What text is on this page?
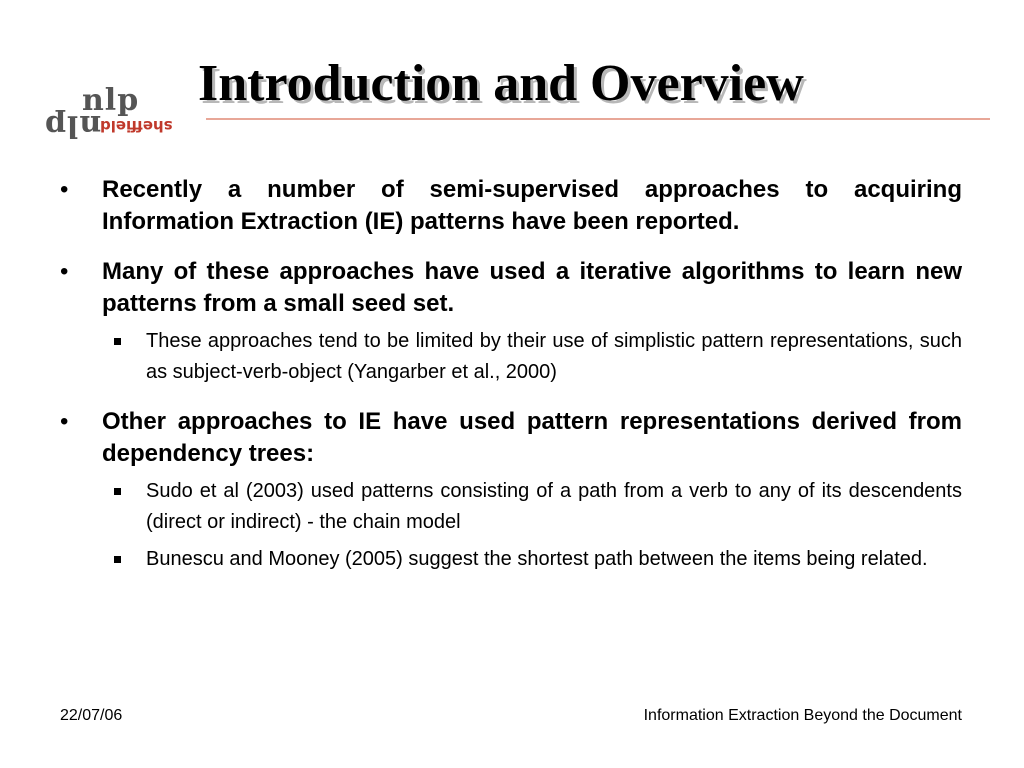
nlp
nlp
sheffield
Introduction and Overview
•	Recently a number of semi-supervised approaches to acquiring Information Extraction (IE) patterns have been reported.
•	Many of these approaches have used a iterative algorithms to learn new patterns from a small seed set.
These approaches tend to be limited by their use of simplistic pattern representations, such as subject-verb-object (Yangarber et al., 2000)
•	Other approaches to IE have used pattern representations derived from dependency trees:
Sudo et al (2003) used patterns consisting of a path from a verb to any of its descendents (direct or indirect) - the chain model
Bunescu and Mooney (2005) suggest the shortest path between the items being related.
22/07/06	Information Extraction Beyond the Document
